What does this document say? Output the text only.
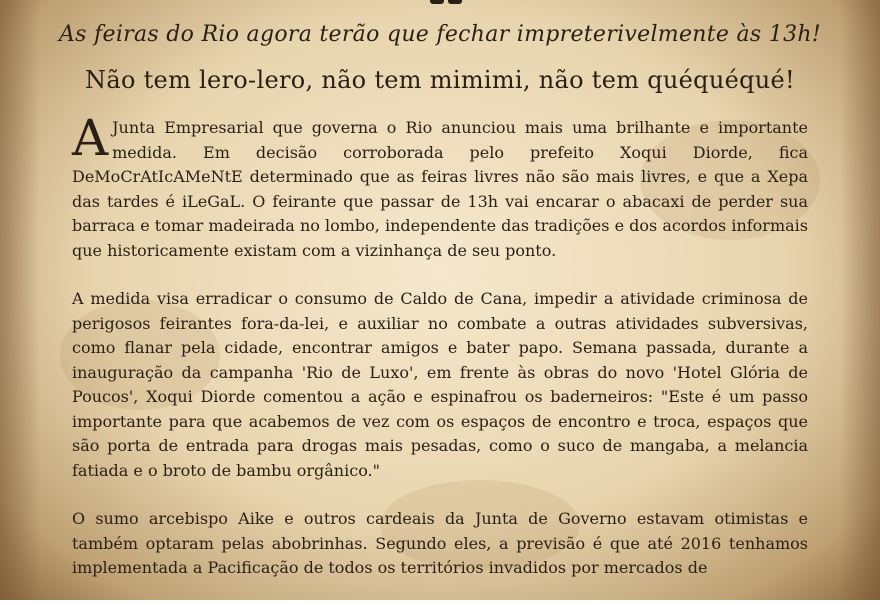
As feiras do Rio agora terão que fechar impreterivelmente às 13h!
Não tem lero-lero, não tem mimimi, não tem quéquéqué!

A Junta Empresarial que governa o Rio anunciou mais uma brilhante e importante medida. Em decisão corroborada pelo prefeito Xoqui Diorde, fica DeMoCrAtIcAMeNtE determinado que as feiras livres não são mais livres, e que a Xepa das tardes é iLeGaL. O feirante que passar de 13h vai encarar o abacaxi de perder sua barraca e tomar madeirada no lombo, independente das tradições e dos acordos informais que historicamente existam com a vizinhança de seu ponto.

A medida visa erradicar o consumo de Caldo de Cana, impedir a atividade criminosa de perigosos feirantes fora-da-lei, e auxiliar no combate a outras atividades subversivas, como flanar pela cidade, encontrar amigos e bater papo. Semana passada, durante a inauguração da campanha 'Rio de Luxo', em frente às obras do novo 'Hotel Glória de Poucos', Xoqui Diorde comentou a ação e espinafrou os baderneiros: "Este é um passo importante para que acabemos de vez com os espaços de encontro e troca, espaços que são porta de entrada para drogas mais pesadas, como o suco de mangaba, a melancia fatiada e o broto de bambu orgânico."

O sumo arcebispo Aike e outros cardeais da Junta de Governo estavam otimistas e também optaram pelas abobrinhas. Segundo eles, a previsão é que até 2016 tenhamos implementada a Pacificação de todos os territórios invadidos por mercados de
